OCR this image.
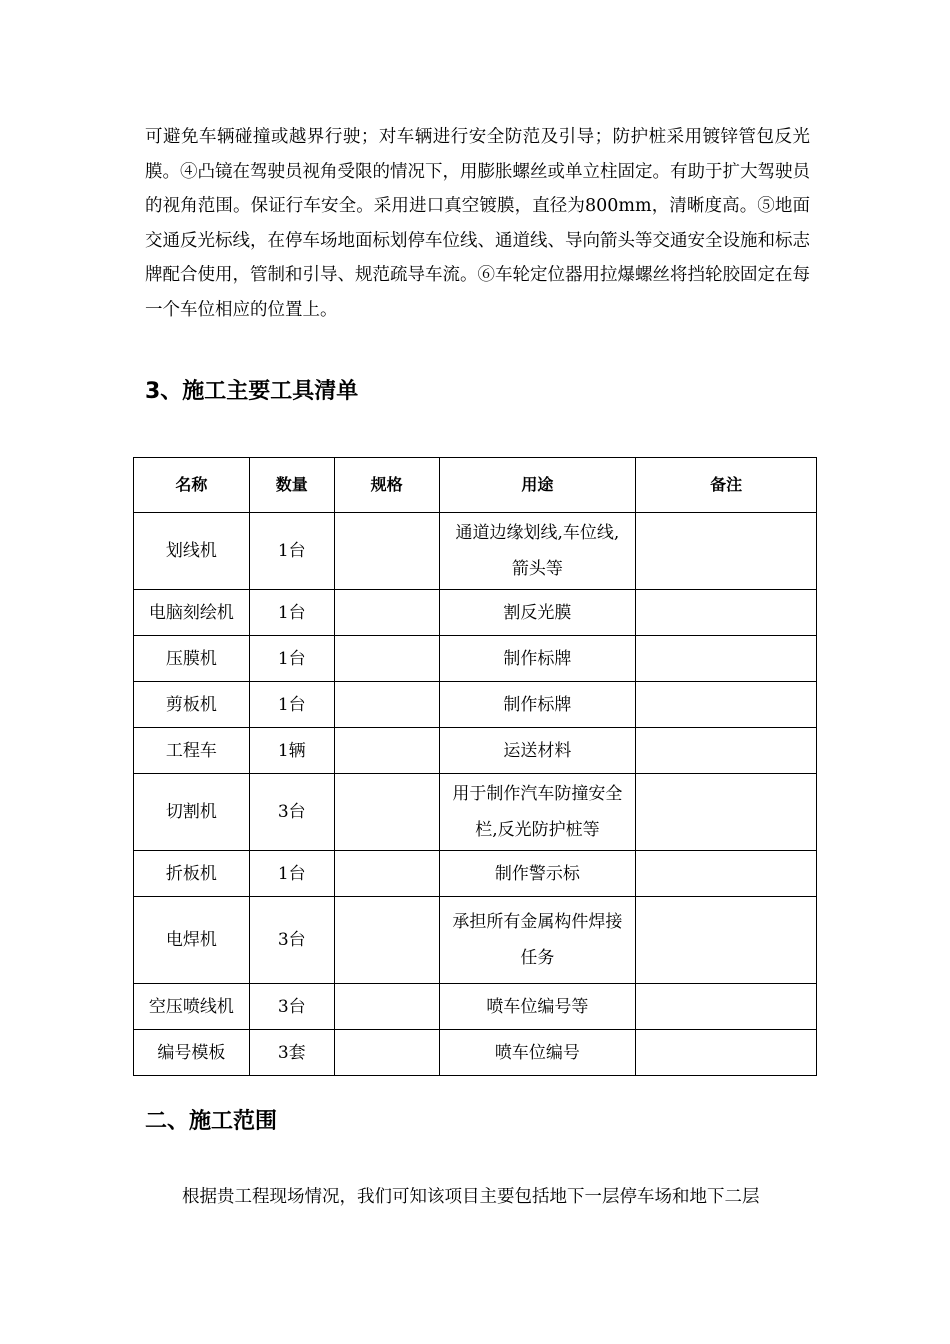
可避免车辆碰撞或越界行驶；对车辆进行安全防范及引导；防护桩采用镀锌管包反光膜。④凸镜在驾驶员视角受限的情况下，用膨胀螺丝或单立柱固定。有助于扩大驾驶员的视角范围。保证行车安全。采用进口真空镀膜，直径为800mm，清晰度高。⑤地面交通反光标线，在停车场地面标划停车位线、通道线、导向箭头等交通安全设施和标志牌配合使用，管制和引导、规范疏导车流。⑥车轮定位器用拉爆螺丝将挡轮胶固定在每一个车位相应的位置上。

3、施工主要工具清单
名称	数量	规格	用途	备注
划线机	1台		通道边缘划线,车位线,
箭头等	

电脑刻绘机	1台		割反光膜	
压膜机	1台		制作标牌	
剪板机	1台		制作标牌	
工程车	1辆		运送材料	
切割机	3台		用于制作汽车防撞安全
栏,反光防护桩等	

折板机	1台		制作警示标	
电焊机	3台		承担所有金属构件焊接
任务	

空压喷线机	3台		喷车位编号等	
编号模板	3套		喷车位编号	
二、施工范围

根据贵工程现场情况，我们可知该项目主要包括地下一层停车场和地下二层
